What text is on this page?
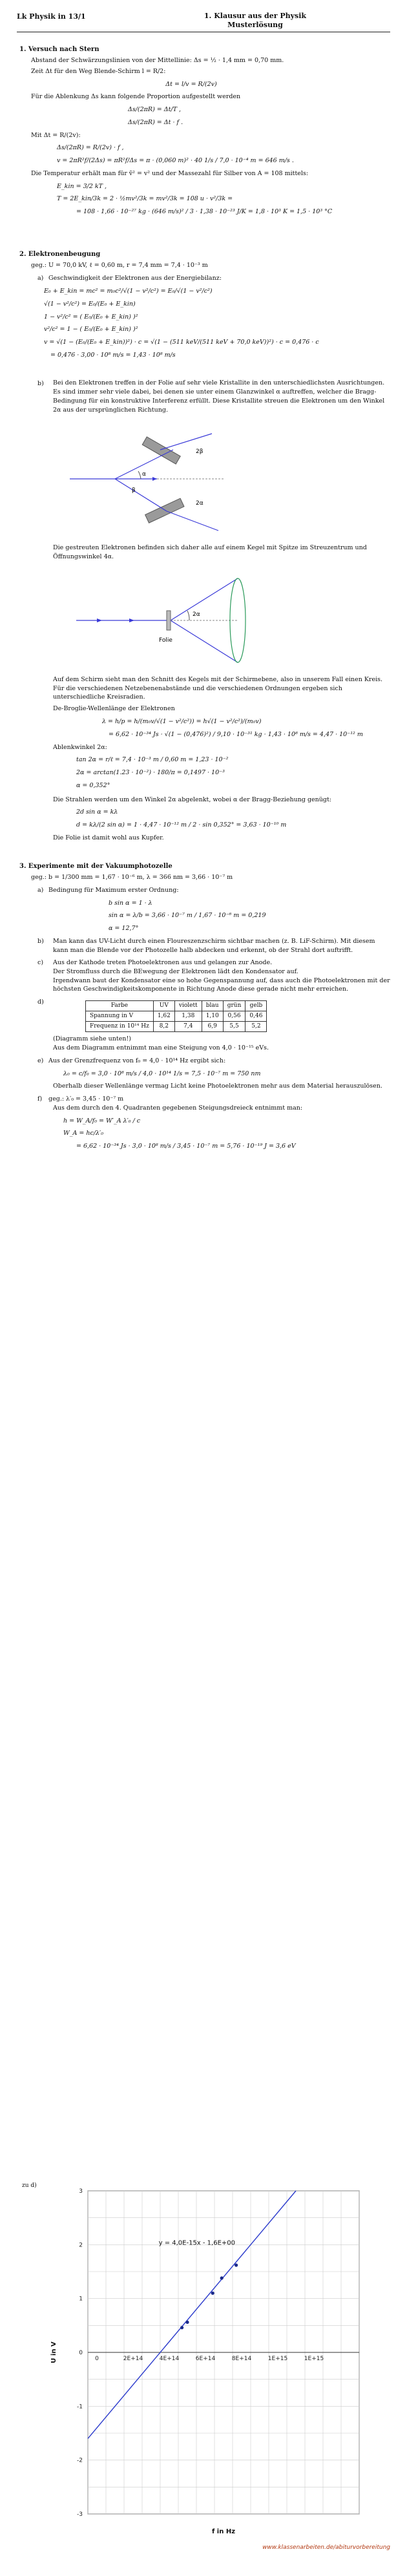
Lk Physik in 13/1	1. Klausur aus der Physik
Musterlösung
1. Versuch nach Stern

Abstand der Schwärzungslinien von der Mittellinie: Δs = ½ · 1,4 mm = 0,70 mm.

Zeit Δt für den Weg Blende-Schirm l = R/2:

Δt = l/v = R/(2v)

Für die Ablenkung Δs kann folgende Proportion aufgestellt werden

Δs/(2πR) = Δt/T ,
Δs/(2πR) = Δt · f .

Mit Δt = R/(2v):

Δs/(2πR) = R/(2v) · f ,
v = 2πR²f/(2Δs) = πR²f/Δs = π · (0,060 m)² · 40 1/s / 7,0 · 10⁻⁴ m = 646 m/s .

Die Temperatur erhält man für v̄² = v² und der Massezahl für Silber von A = 108 mittels:

E_kin = 3/2 kT ,
T = 2E_kin/3k = 2 · ½mv²/3k = mv²/3k = 108 u · v²/3k =
= 108 · 1,66 · 10⁻²⁷ kg · (646 m/s)² / 3 · 1,38 · 10⁻²³ J/K = 1,8 · 10³ K = 1,5 · 10³ °C
2. Elektronenbeugung

geg.: U = 70,0 kV, ℓ = 0,60 m, r = 7,4 mm = 7,4 · 10⁻³ m

a) Geschwindigkeit der Elektronen aus der Energiebilanz:
E₀ + E_kin = mc² = m₀c²/√(1 − v²/c²) = E₀/√(1 − v²/c²)
√(1 − v²/c²) = E₀/(E₀ + E_kin)
1 − v²/c² = ( E₀/(E₀ + E_kin) )²
v²/c² = 1 − ( E₀/(E₀ + E_kin) )²
v = √(1 − (E₀/(E₀ + E_kin))²) · c = √(1 − (511 keV/(511 keV + 70,0 keV))²) · c = 0,476 · c
= 0,476 · 3,00 · 10⁸ m/s = 1,43 · 10⁸ m/s
b) Bei den Elektronen treffen in der Folie auf sehr viele Kristallite in den unterschiedlichsten Ausrichtungen. Es sind immer sehr viele dabei, bei denen sie unter einem Glanzwinkel α auftreffen, welcher die Bragg-Bedingung für ein konstruktive Interferenz erfüllt. Diese Kristallite streuen die Elektronen um den Winkel 2α aus der ursprünglichen Richtung.
α
β
2α
2β
Die gestreuten Elektronen befinden sich daher alle auf einem Kegel mit Spitze im Streuzentrum und Öffnungswinkel 4α.
Folie
2α
Auf dem Schirm sieht man den Schnitt des Kegels mit der Schirmebene, also in unserem Fall einen Kreis. Für die verschiedenen Netzebenenabstände und die verschiedenen Ordnungen ergeben sich unterschiedliche Kreisradien.
De-Broglie-Wellenlänge der Elektronen
λ = h/p = h/(m₀v/√(1 − v²/c²)) = h√(1 − v²/c²)/(m₀v)
= 6,62 · 10⁻³⁴ Js · √(1 − (0,476)²) / 9,10 · 10⁻³¹ kg · 1,43 · 10⁸ m/s = 4,47 · 10⁻¹² m
Ablenkwinkel 2α:
tan 2α = r/ℓ = 7,4 · 10⁻³ m / 0,60 m = 1,23 · 10⁻²
2α = arctan(1.23 · 10⁻²) · 180/π = 0,1497 · 10⁻³
α = 0,352°
Die Strahlen werden um den Winkel 2α abgelenkt, wobei α der Bragg-Beziehung genügt:
2d sin α = kλ
d = kλ/(2 sin α) = 1 · 4,47 · 10⁻¹² m / 2 · sin 0,352° = 3,63 · 10⁻¹⁰ m
Die Folie ist damit wohl aus Kupfer.
3. Experimente mit der Vakuumphotozelle

geg.: b = 1/300 mm = 1,67 · 10⁻⁶ m, λ = 366 nm = 3,66 · 10⁻⁷ m

a) Bedingung für Maximum erster Ordnung:
b sin α = 1 · λ
sin α = λ/b = 3,66 · 10⁻⁷ m / 1,67 · 10⁻⁶ m = 0,219
α = 12,7°
b) Man kann das UV-Licht durch einen Floureszenzschirm sichtbar machen (z. B. LiF-Schirm). Mit diesem kann man die Blende vor der Photozelle halb abdecken und erkennt, ob der Strahl dort auftrifft.
c) Aus der Kathode treten Photoelektronen aus und gelangen zur Anode.
Der Stromfluss durch die BEwegung der Elektronen lädt den Kondensator auf.
Irgendwann baut der Kondensator eine so hohe Gegenspannung auf, dass auch die Photoelektronen mit der höchsten Geschwindigkeitskomponente in Richtung Anode diese gerade nicht mehr erreichen.
d)	Farbe	UV	violett	blau	grün	gelb
Spannung in V	1,62	1,38	1,10	0,56	0,46
Frequenz in 10¹⁴ Hz	8,2	7,4	6,9	5,5	5,2
(Diagramm siehe unten!)
Aus dem Diagramm entnimmt man eine Steigung von 4,0 · 10⁻¹⁵ eVs.
e) Aus der Grenzfrequenz von f₀ = 4,0 · 10¹⁴ Hz ergibt sich:
λ₀ = c/f₀ = 3,0 · 10⁸ m/s / 4,0 · 10¹⁴ 1/s = 7,5 · 10⁻⁷ m = 750 nm
Oberhalb dieser Wellenlänge vermag Licht keine Photoelektronen mehr aus dem Material herauszulösen.
f) geg.: λ′₀ = 3,45 · 10⁻⁷ m
Aus dem durch den 4. Quadranten gegebenen Steigungsdreieck entnimmt man:
h = W_A/f₀ = W′_A λ′₀ / c
W_A = hc/λ′₀
= 6,62 · 10⁻³⁴ Js · 3,0 · 10⁸ m/s / 3,45 · 10⁻⁷ m = 5,76 · 10⁻¹⁹ J = 3,6 eV
zu d)
-3
-2
-1
0
1
2
3
0	2E+14	4E+14	6E+14	8E+14	1E+15	1E+15
y = 4,0E-15x - 1,6E+00
f in Hz
U in V
www.klassenarbeiten.de/abiturvorbereitung
